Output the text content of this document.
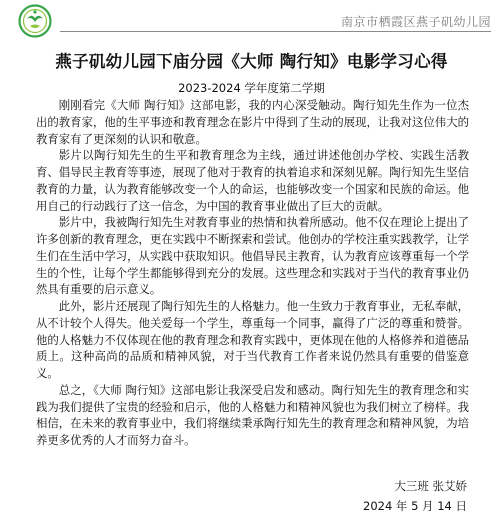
南京市栖霞区燕子矶幼儿园
燕子矶幼儿园下庙分园《大师 陶行知》电影学习心得
2023-2024 学年度第二学期

刚刚看完《大师 陶行知》这部电影，我的内心深受触动。陶行知先生作为一位杰出的教育家，他的生平事迹和教育理念在影片中得到了生动的展现，让我对这位伟大的教育家有了更深刻的认识和敬意。

影片以陶行知先生的生平和教育理念为主线，通过讲述他创办学校、实践生活教育、倡导民主教育等事迹，展现了他对于教育的执着追求和深刻见解。陶行知先生坚信教育的力量，认为教育能够改变一个人的命运，也能够改变一个国家和民族的命运。他用自己的行动践行了这一信念，为中国的教育事业做出了巨大的贡献。

影片中，我被陶行知先生对教育事业的热情和执着所感动。他不仅在理论上提出了许多创新的教育理念，更在实践中不断探索和尝试。他创办的学校注重实践教学，让学生们在生活中学习，从实践中获取知识。他倡导民主教育，认为教育应该尊重每一个学生的个性，让每个学生都能够得到充分的发展。这些理念和实践对于当代的教育事业仍然具有重要的启示意义。

此外，影片还展现了陶行知先生的人格魅力。他一生致力于教育事业，无私奉献，从不计较个人得失。他关爱每一个学生，尊重每一个同事，赢得了广泛的尊重和赞誉。他的人格魅力不仅体现在他的教育理念和教育实践中，更体现在他的人格修养和道德品质上。这种高尚的品质和精神风貌，对于当代教育工作者来说仍然具有重要的借鉴意义。

总之，《大师 陶行知》这部电影让我深受启发和感动。陶行知先生的教育理念和实践为我们提供了宝贵的经验和启示，他的人格魅力和精神风貌也为我们树立了榜样。我相信，在未来的教育事业中，我们将继续秉承陶行知先生的教育理念和精神风貌，为培养更多优秀的人才而努力奋斗。

大三班 张艾娇
2024 年 5 月 14 日
